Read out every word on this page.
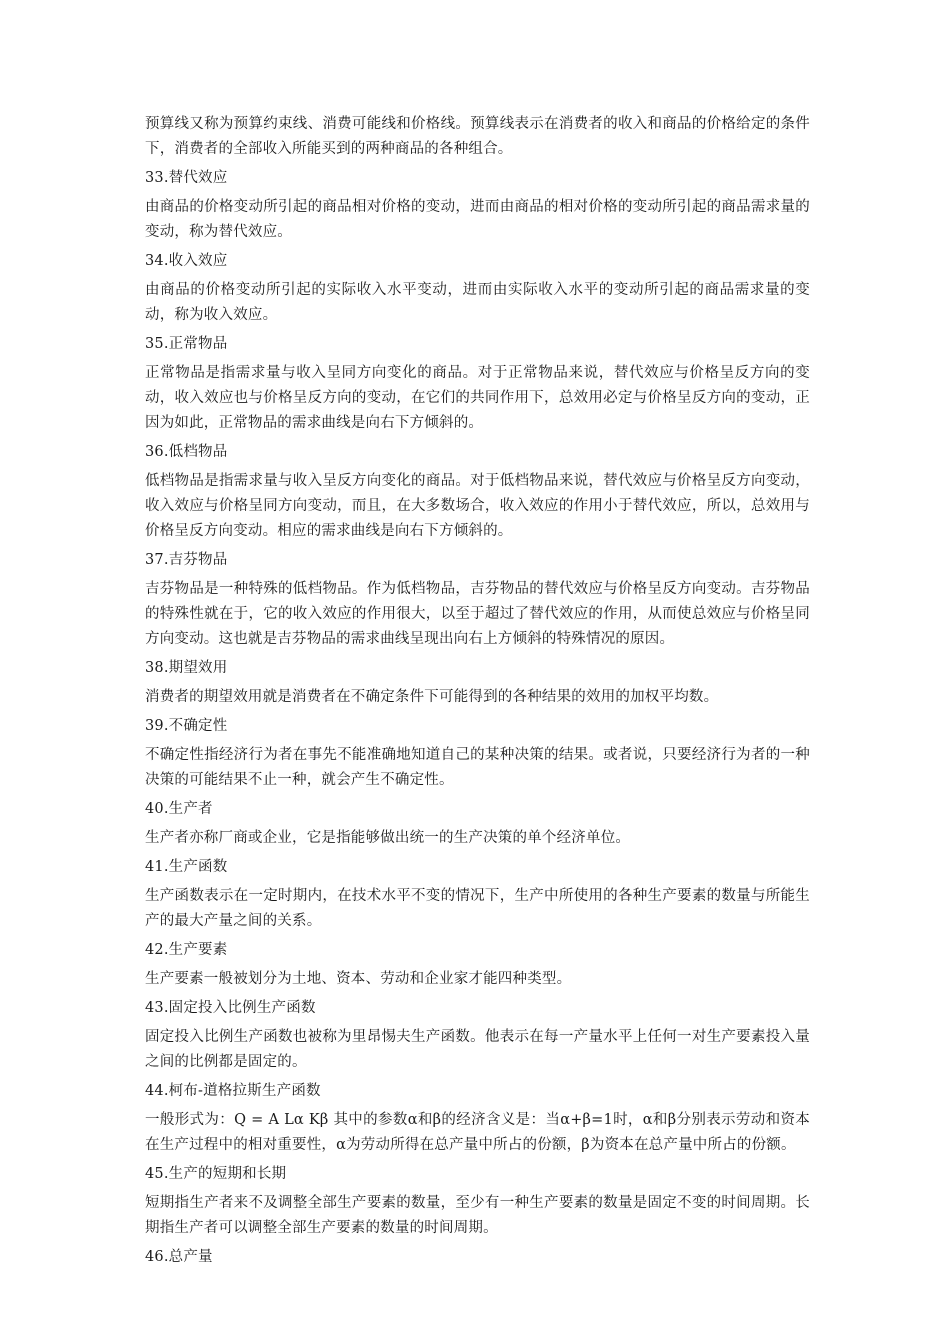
预算线又称为预算约束线、消费可能线和价格线。预算线表示在消费者的收入和商品的价格给定的条件下，消费者的全部收入所能买到的两种商品的各种组合。

33.替代效应

由商品的价格变动所引起的商品相对价格的变动，进而由商品的相对价格的变动所引起的商品需求量的变动，称为替代效应。

34.收入效应

由商品的价格变动所引起的实际收入水平变动，进而由实际收入水平的变动所引起的商品需求量的变动，称为收入效应。

35.正常物品

正常物品是指需求量与收入呈同方向变化的商品。对于正常物品来说，替代效应与价格呈反方向的变动，收入效应也与价格呈反方向的变动，在它们的共同作用下，总效用必定与价格呈反方向的变动，正因为如此，正常物品的需求曲线是向右下方倾斜的。

36.低档物品

低档物品是指需求量与收入呈反方向变化的商品。对于低档物品来说，替代效应与价格呈反方向变动，收入效应与价格呈同方向变动，而且，在大多数场合，收入效应的作用小于替代效应，所以，总效用与价格呈反方向变动。相应的需求曲线是向右下方倾斜的。

37.吉芬物品

吉芬物品是一种特殊的低档物品。作为低档物品，吉芬物品的替代效应与价格呈反方向变动。吉芬物品的特殊性就在于，它的收入效应的作用很大，以至于超过了替代效应的作用，从而使总效应与价格呈同方向变动。这也就是吉芬物品的需求曲线呈现出向右上方倾斜的特殊情况的原因。

38.期望效用

消费者的期望效用就是消费者在不确定条件下可能得到的各种结果的效用的加权平均数。

39.不确定性

不确定性指经济行为者在事先不能准确地知道自己的某种决策的结果。或者说，只要经济行为者的一种决策的可能结果不止一种，就会产生不确定性。

40.生产者

生产者亦称厂商或企业，它是指能够做出统一的生产决策的单个经济单位。

41.生产函数

生产函数表示在一定时期内，在技术水平不变的情况下，生产中所使用的各种生产要素的数量与所能生产的最大产量之间的关系。

42.生产要素

生产要素一般被划分为土地、资本、劳动和企业家才能四种类型。

43.固定投入比例生产函数

固定投入比例生产函数也被称为里昂惕夫生产函数。他表示在每一产量水平上任何一对生产要素投入量之间的比例都是固定的。

44.柯布-道格拉斯生产函数

一般形式为：Q = A Lα Kβ 其中的参数α和β的经济含义是：当α+β=1时，α和β分别表示劳动和资本在生产过程中的相对重要性，α为劳动所得在总产量中所占的份额，β为资本在总产量中所占的份额。

45.生产的短期和长期

短期指生产者来不及调整全部生产要素的数量，至少有一种生产要素的数量是固定不变的时间周期。长期指生产者可以调整全部生产要素的数量的时间周期。

46.总产量
